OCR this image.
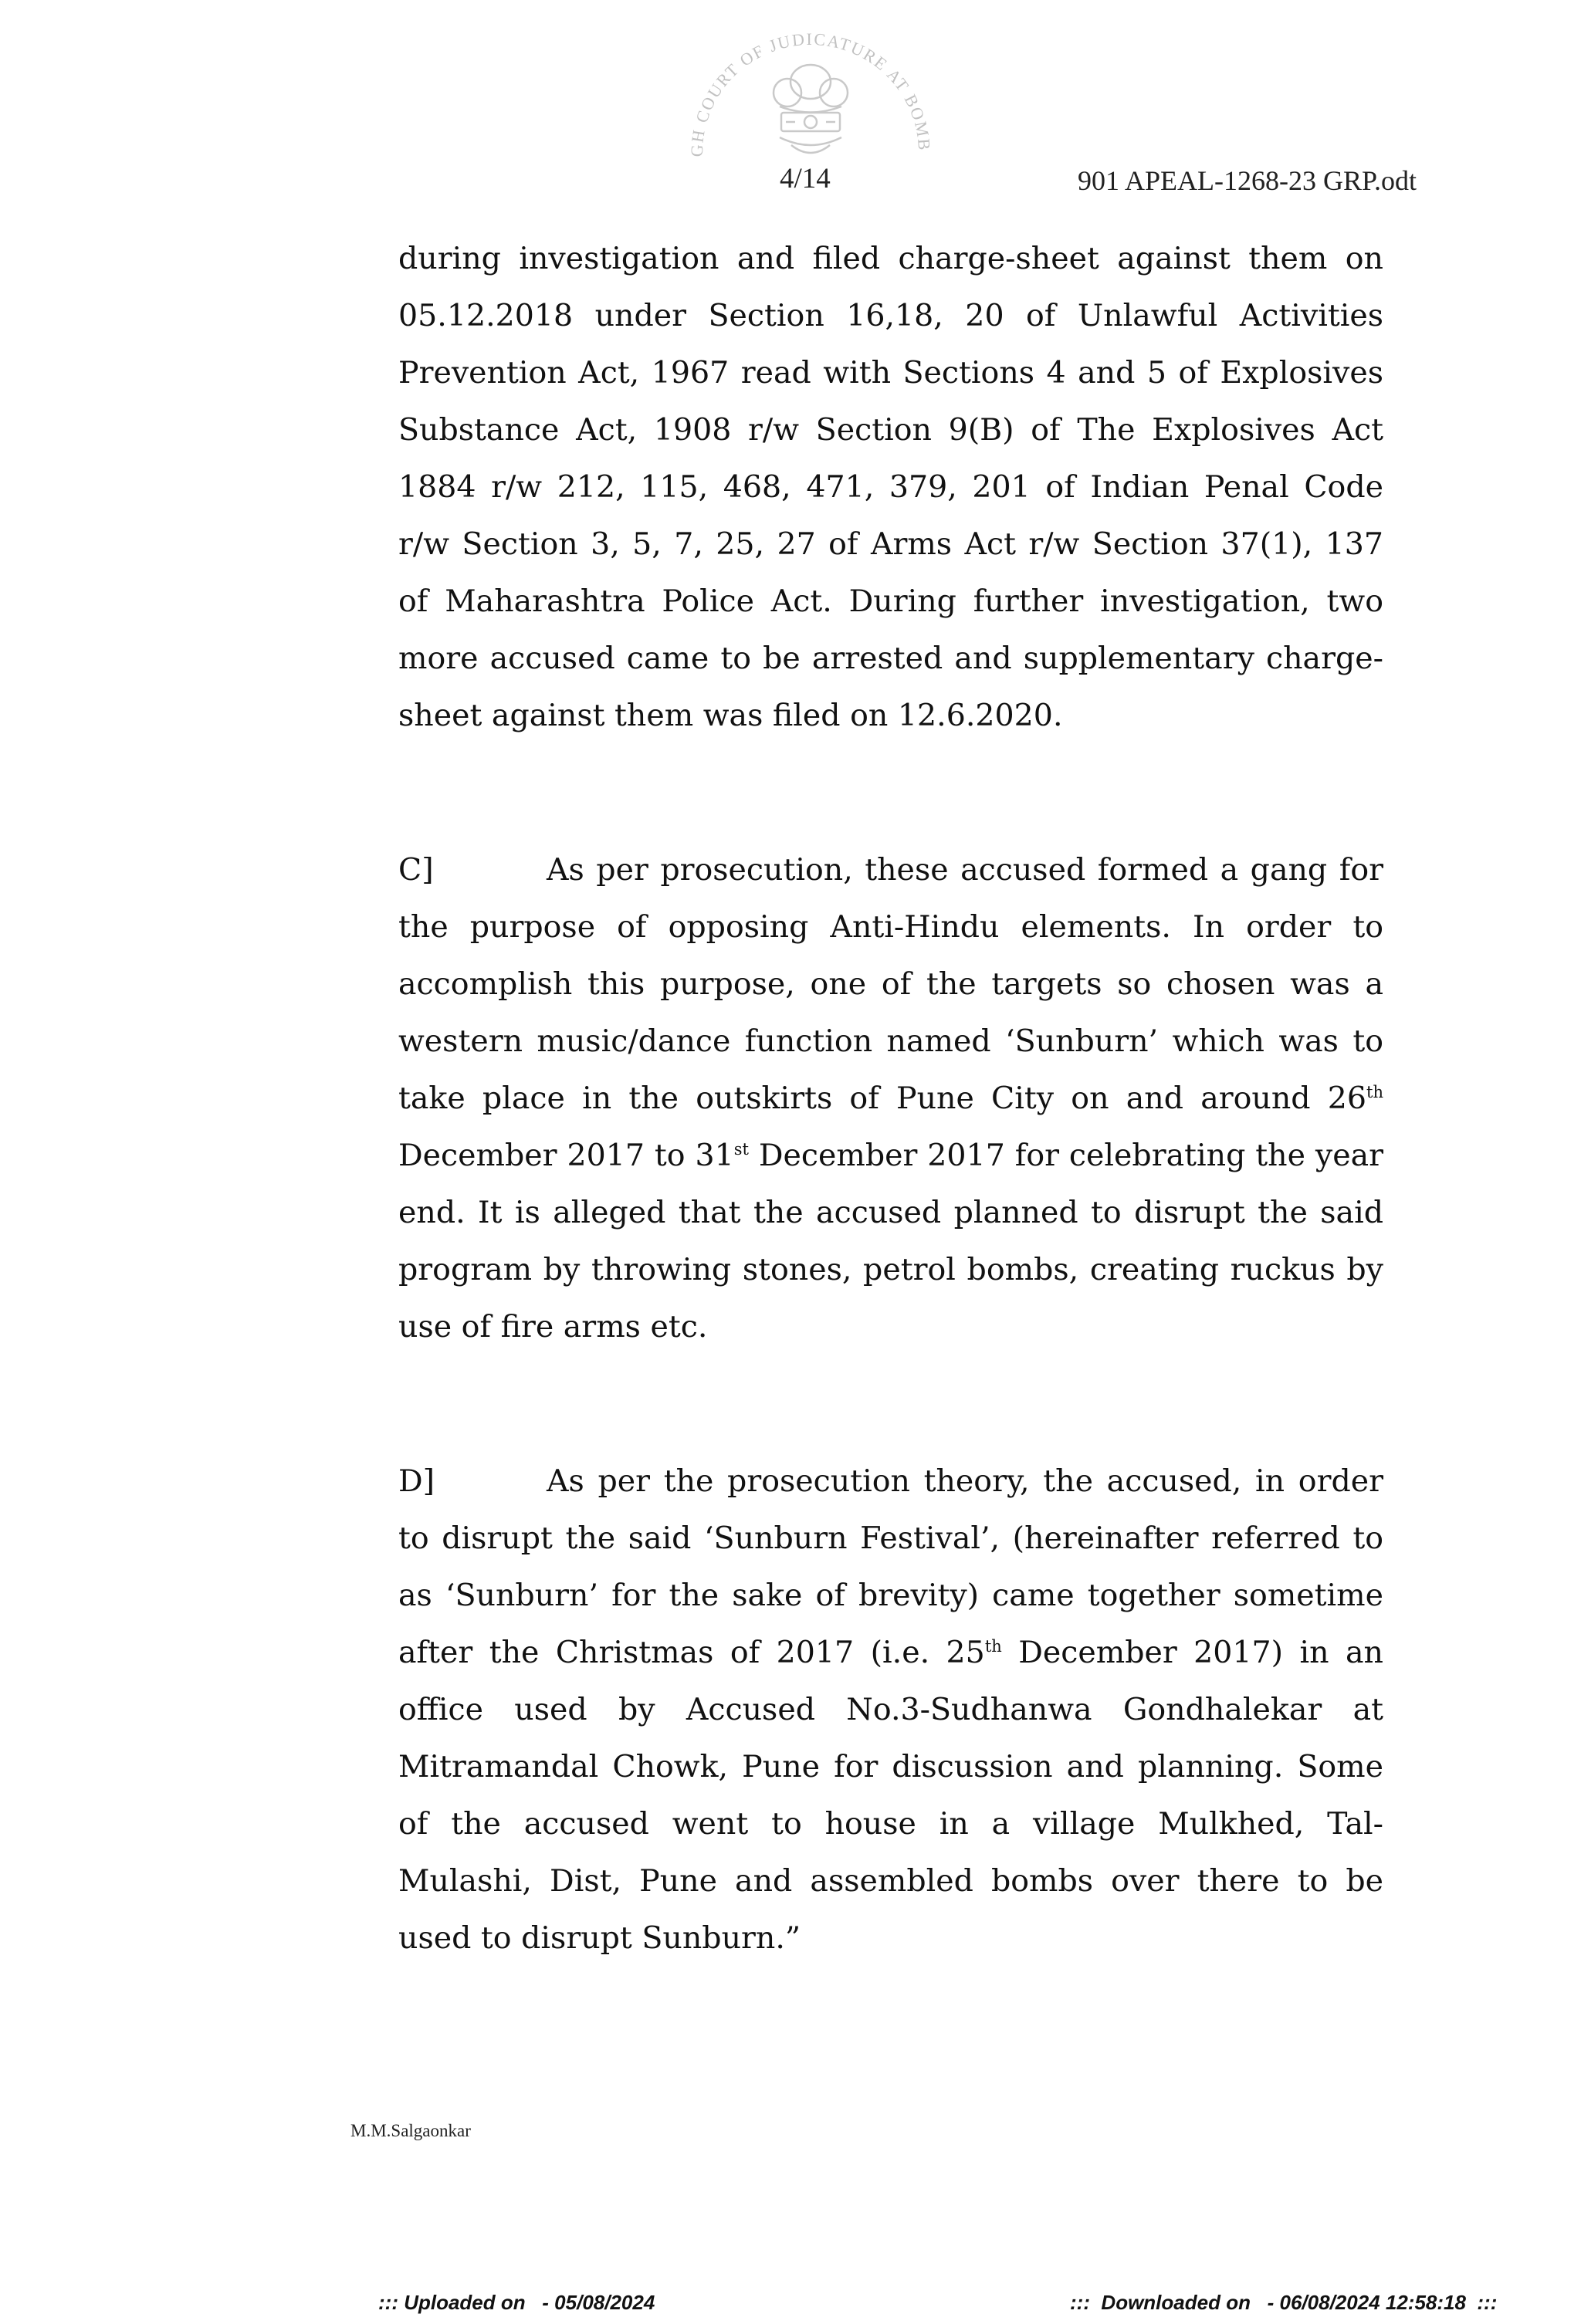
GH COURT OF JUDICATURE AT BOMB
4/14	901 APEAL-1268-23 GRP.odt

during investigation and filed charge-sheet against them on 05.12.2018 under Section 16,18, 20 of Unlawful Activities Prevention Act, 1967 read with Sections 4 and 5 of Explosives Substance Act, 1908 r/w Section 9(B) of The Explosives Act 1884 r/w 212, 115, 468, 471, 379, 201 of Indian Penal Code r/w Section 3, 5, 7, 25, 27 of Arms Act r/w Section 37(1), 137 of Maharashtra Police Act. During further investigation, two more accused came to be arrested and supplementary charge-sheet against them was filed on 12.6.2020.

C]	As per prosecution, these accused formed a gang for the purpose of opposing Anti-Hindu elements. In order to accomplish this purpose, one of the targets so chosen was a western music/dance function named ‘Sunburn’ which was to take place in the outskirts of Pune City on and around 26th December 2017 to 31st December 2017 for celebrating the year end. It is alleged that the accused planned to disrupt the said program by throwing stones, petrol bombs, creating ruckus by use of fire arms etc.

D]	As per the prosecution theory, the accused, in order to disrupt the said ‘Sunburn Festival’, (hereinafter referred to as ‘Sunburn’ for the sake of brevity) came together sometime after the Christmas of 2017 (i.e. 25th December 2017) in an office used by Accused No.3-Sudhanwa Gondhalekar at Mitramandal Chowk, Pune for discussion and planning. Some of the accused went to house in a village Mulkhed, Tal-Mulashi, Dist, Pune and assembled bombs over there to be used to disrupt Sunburn.”

M.M.Salgaonkar
::: Uploaded on   - 05/08/2024	:::  Downloaded on   - 06/08/2024 12:58:18  :::
